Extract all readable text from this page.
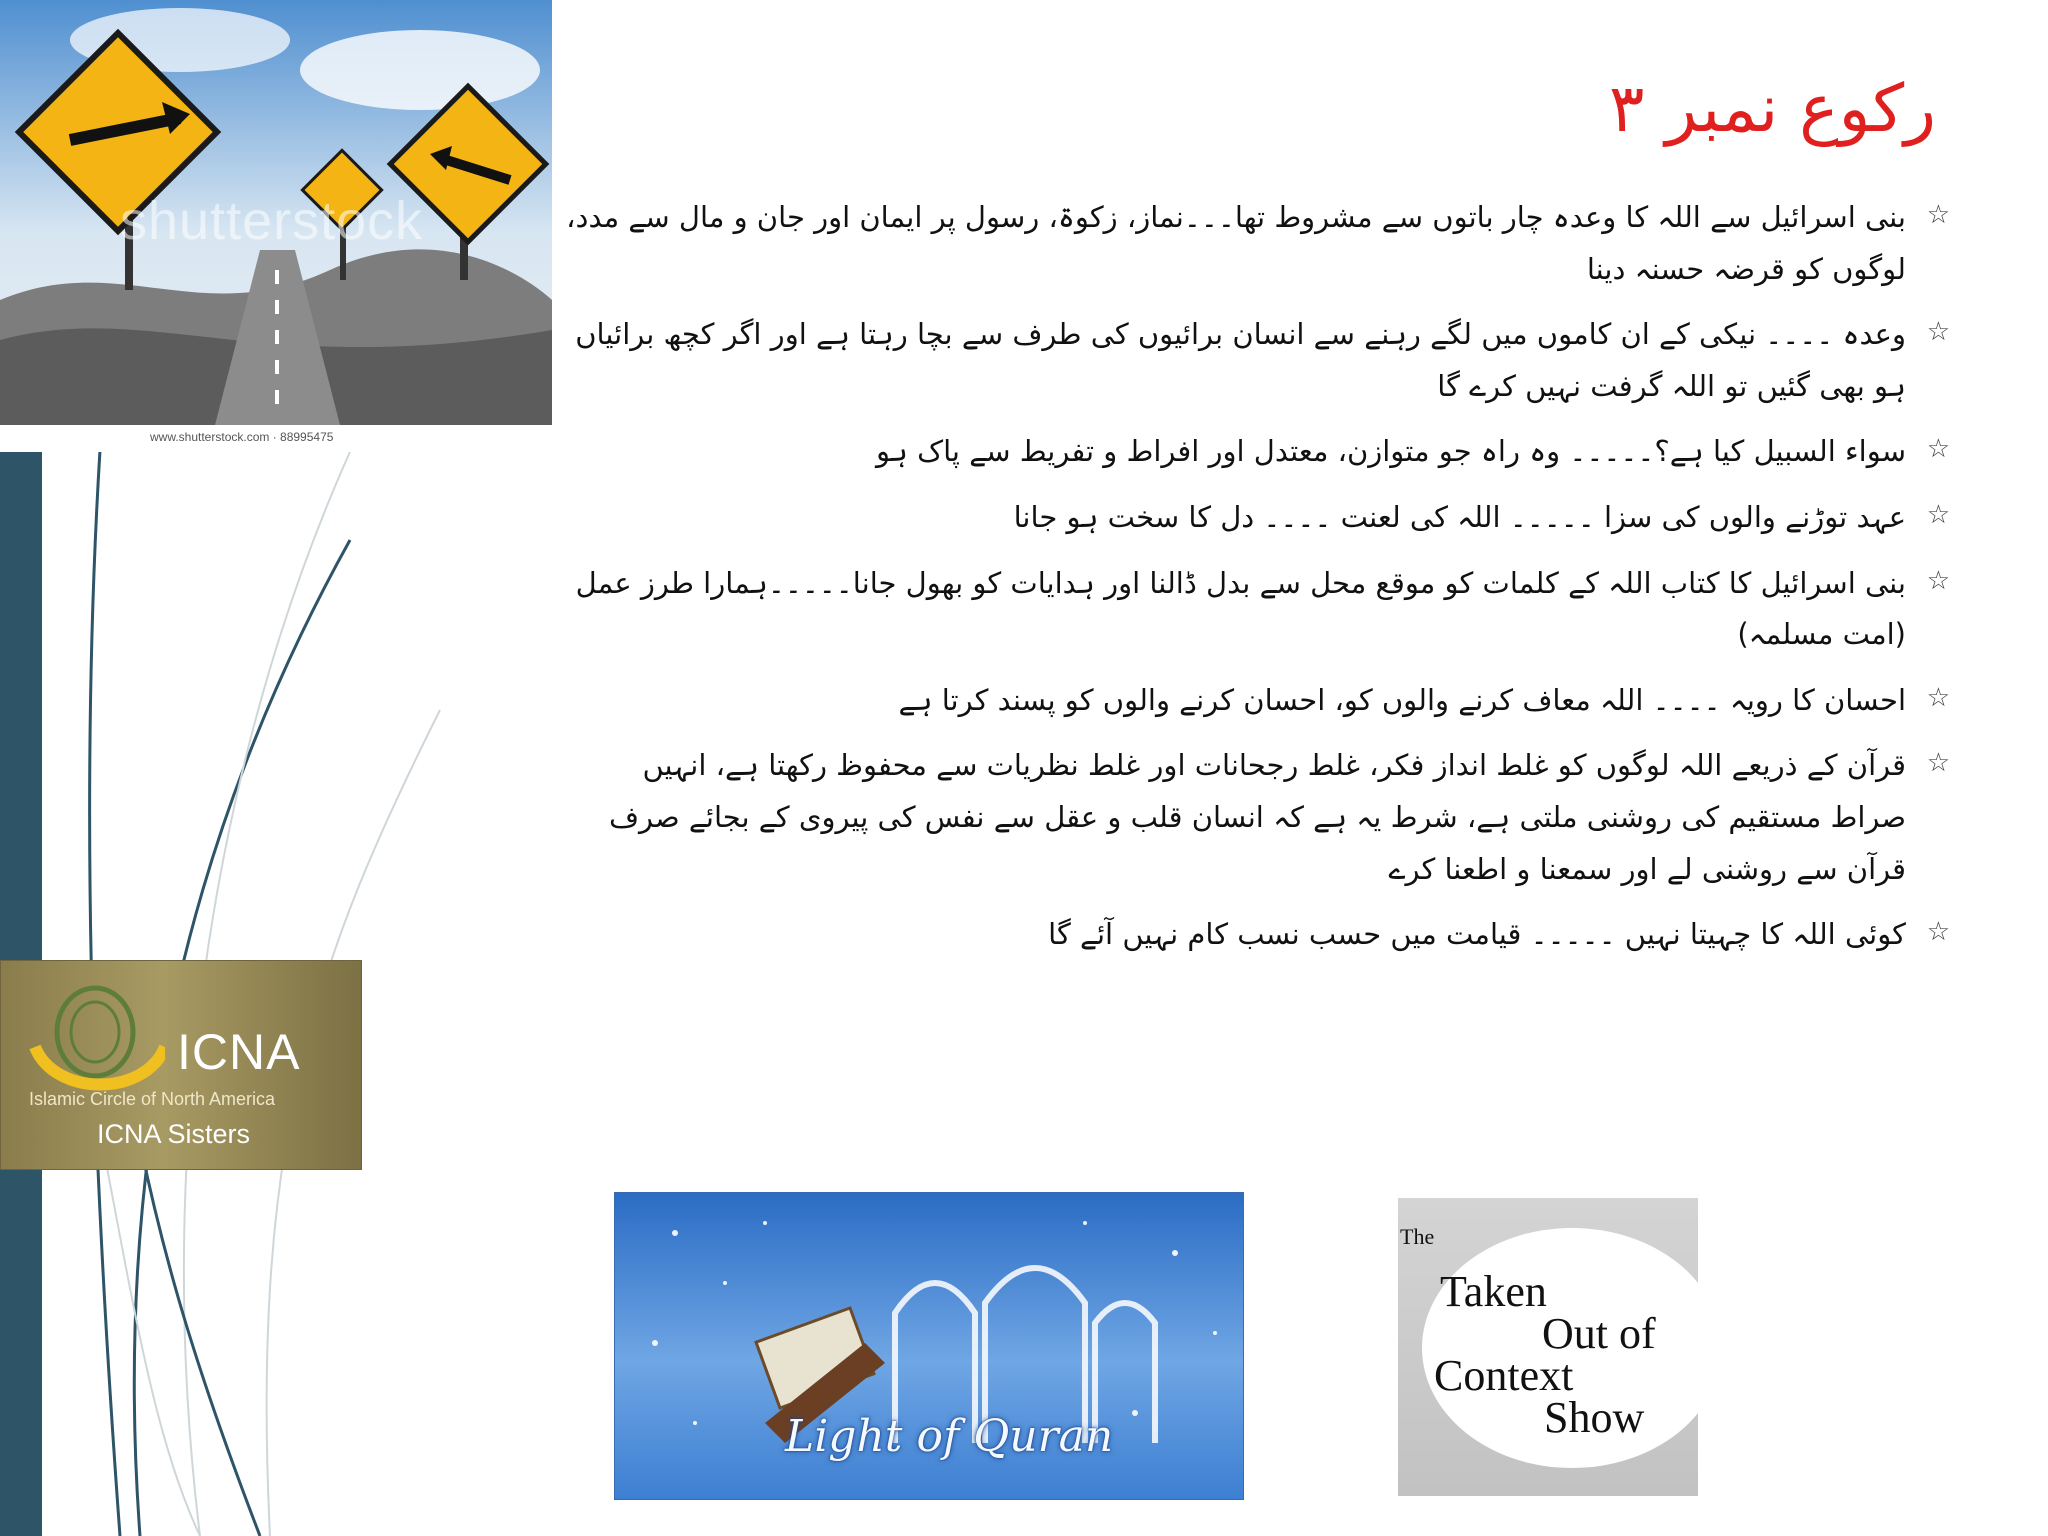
shutterstock
www.shutterstock.com · 88995475
ICNA
Islamic Circle of North America
ICNA Sisters
رکوع نمبر ۳
☆
بنی اسرائیل سے اللہ کا وعدہ چار باتوں سے مشروط تھا۔۔۔نماز، زکوۃ، رسول پر ایمان اور جان و مال سے مدد، لوگوں کو قرضہ حسنہ دینا
☆
وعدہ ۔۔۔۔ نیکی کے ان کاموں میں لگے رہنے سے انسان برائیوں کی طرف سے بچا رہتا ہے اور اگر کچھ برائیاں ہو بھی گئیں تو اللہ گرفت نہیں کرے گا
☆
سواء السبیل کیا ہے؟۔۔۔۔۔ وہ راہ جو متوازن، معتدل اور افراط و تفریط سے پاک ہو
☆
عہد توڑنے والوں کی سزا ۔۔۔۔۔ اللہ کی لعنت ۔۔۔۔ دل کا سخت ہو جانا
☆
بنی اسرائیل کا کتاب اللہ کے کلمات کو موقع محل سے بدل ڈالنا اور ہدایات کو بھول جانا۔۔۔۔۔ہمارا طرز عمل (امت مسلمہ)
☆
احسان کا رویہ ۔۔۔۔ اللہ معاف کرنے والوں کو، احسان کرنے والوں کو پسند کرتا ہے
☆
قرآن کے ذریعے اللہ لوگوں کو غلط انداز فکر، غلط رجحانات اور غلط نظریات سے محفوظ رکھتا ہے، انہیں صراط مستقیم کی روشنی ملتی ہے، شرط یہ ہے کہ انسان قلب و عقل سے نفس کی پیروی کے بجائے صرف قرآن سے روشنی لے اور سمعنا و اطعنا کرے
☆
کوئی اللہ کا چہیتا نہیں ۔۔۔۔۔ قیامت میں حسب نسب کام نہیں آئے گا
Light of Quran
The
Taken
Out of
Context
Show
